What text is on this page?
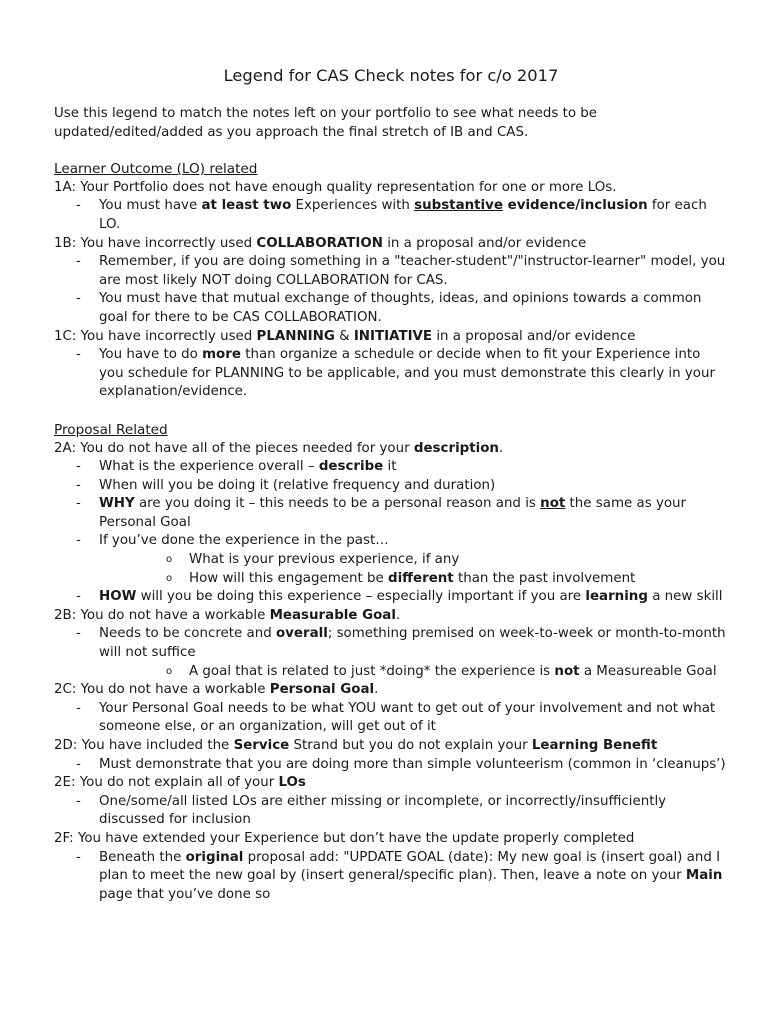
Legend for CAS Check notes for c/o 2017
Use this legend to match the notes left on your portfolio to see what needs to be updated/edited/added as you approach the final stretch of IB and CAS.
Learner Outcome (LO) related
1A: Your Portfolio does not have enough quality representation for one or more LOs.
- You must have at least two Experiences with substantive evidence/inclusion for each LO.
1B: You have incorrectly used COLLABORATION in a proposal and/or evidence
- Remember, if you are doing something in a "teacher-student"/"instructor-learner" model, you are most likely NOT doing COLLABORATION for CAS.
- You must have that mutual exchange of thoughts, ideas, and opinions towards a common goal for there to be CAS COLLABORATION.
1C: You have incorrectly used PLANNING & INITIATIVE in a proposal and/or evidence
- You have to do more than organize a schedule or decide when to fit your Experience into you schedule for PLANNING to be applicable, and you must demonstrate this clearly in your explanation/evidence.
Proposal Related
2A: You do not have all of the pieces needed for your description.
- What is the experience overall – describe it
- When will you be doing it (relative frequency and duration)
- WHY are you doing it – this needs to be a personal reason and is not the same as your Personal Goal
- If you’ve done the experience in the past…
o What is your previous experience, if any
o How will this engagement be different than the past involvement
- HOW will you be doing this experience – especially important if you are learning a new skill
2B: You do not have a workable Measurable Goal.
- Needs to be concrete and overall; something premised on week-to-week or month-to-month will not suffice
o A goal that is related to just *doing* the experience is not a Measureable Goal
2C: You do not have a workable Personal Goal.
- Your Personal Goal needs to be what YOU want to get out of your involvement and not what someone else, or an organization, will get out of it
2D: You have included the Service Strand but you do not explain your Learning Benefit
- Must demonstrate that you are doing more than simple volunteerism (common in ‘cleanups’)
2E: You do not explain all of your LOs
- One/some/all listed LOs are either missing or incomplete, or incorrectly/insufficiently discussed for inclusion
2F: You have extended your Experience but don’t have the update properly completed
- Beneath the original proposal add: "UPDATE GOAL (date): My new goal is (insert goal) and I plan to meet the new goal by (insert general/specific plan). Then, leave a note on your Main page that you’ve done so
